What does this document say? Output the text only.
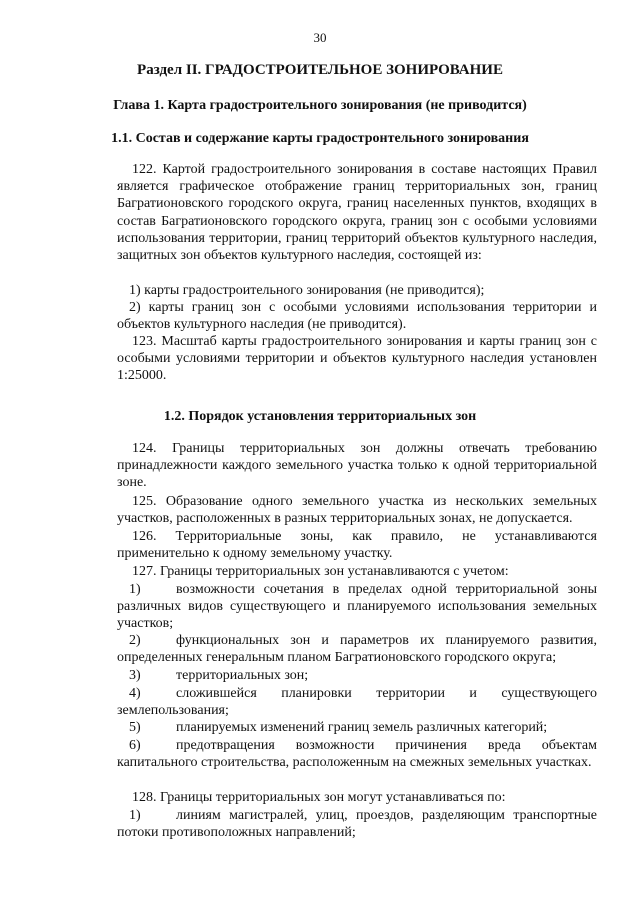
30
Раздел II. ГРАДОСТРОИТЕЛЬНОЕ ЗОНИРОВАНИЕ
Глава 1. Карта градостроительного зонирования (не приводится)
1.1. Состав и содержание карты градостронтельного зонирования

122. Картой градостроительного зонирования в составе настоящих Правил является графическое отображение границ территориальных зон, границ Багратионовского городского округа, границ населенных пунктов, входящих в состав Багратионовского городского округа, границ зон с особыми условиями использования территории, границ территорий объектов культурного наследия, защитных зон объектов культурного наследия, состоящей из:

1) карты градостроительного зонирования (не приводится);

2) карты границ зон с особыми условиями использования территории и объектов культурного наследия (не приводится).

123. Масштаб карты градостроительного зонирования и карты границ зон с особыми условиями территории и объектов культурного наследия установлен 1:25000.

1.2. Порядок установления территориальных зон

124. Границы территориальных зон должны отвечать требованию принадлежности каждого земельного участка только к одной территориальной зоне.

125. Образование одного земельного участка из нескольких земельных участков, расположенных в разных территориальных зонах, не допускается.

126. Территориальные зоны, как правило, не устанавливаются применительно к одному земельному участку.

127. Границы территориальных зон устанавливаются с учетом:

1)	возможности сочетания в пределах одной территориальной зоны различных видов существующего и планируемого использования земельных участков;

2)	функциональных зон и параметров их планируемого развития, определенных генеральным планом Багратионовского городского округа;

3)	территориальных зон;

4)	сложившейся планировки территории и существующего землепользования;

5)	планируемых изменений границ земель различных категорий;

6)	предотвращения возможности причинения вреда объектам капитального строительства, расположенным на смежных земельных участках.

128. Границы территориальных зон могут устанавливаться по:

1)	линиям магистралей, улиц, проездов, разделяющим транспортные потоки противоположных направлений;
